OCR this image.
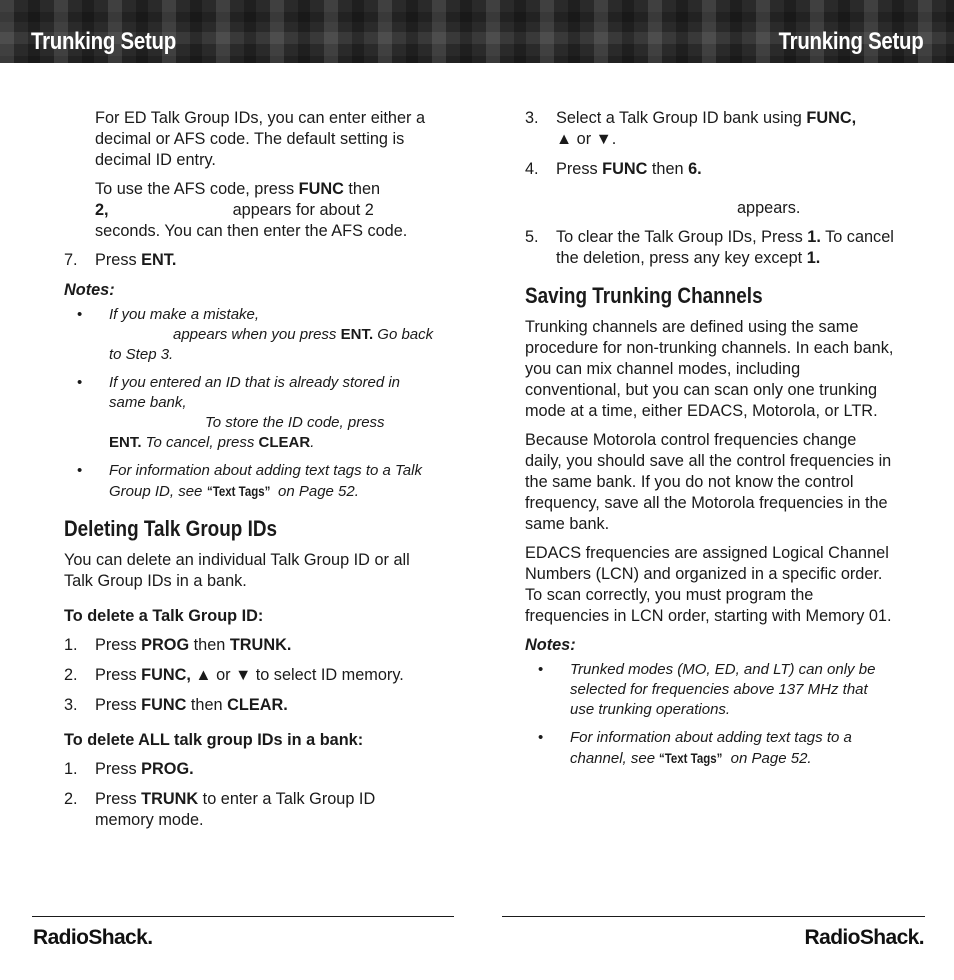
Trunking Setup	Trunking Setup

For ED Talk Group IDs, you can enter either a decimal or AFS code. The default setting is decimal ID entry.

To use the AFS code, press FUNC then
2,	appears for about 2 seconds. You can then enter the AFS code.

7. Press ENT.
Notes:
• If you make a mistake,
appears when you press ENT. Go back to Step 3.
• If you entered an ID that is already stored in same bank,
To store the ID code, press
ENT. To cancel, press CLEAR.
• For information about adding text tags to a Talk Group ID, see “Text Tags” on Page 52.
Deleting Talk Group IDs

You can delete an individual Talk Group ID or all Talk Group IDs in a bank.

To delete a Talk Group ID:
1. Press PROG then TRUNK.
2. Press FUNC, ▲ or ▼ to select ID memory.
3. Press FUNC then CLEAR.
To delete ALL talk group IDs in a bank:
1. Press PROG.
2. Press TRUNK to enter a Talk Group ID memory mode.
3. Select a Talk Group ID bank using FUNC,
▲ or ▼.
4. Press FUNC then 6.

appears.

5. To clear the Talk Group IDs, Press 1. To cancel the deletion, press any key except 1.
Saving Trunking Channels

Trunking channels are defined using the same procedure for non-trunking channels. In each bank, you can mix channel modes, including conventional, but you can scan only one trunking mode at a time, either EDACS, Motorola, or LTR.

Because Motorola control frequencies change daily, you should save all the control frequencies in the same bank. If you do not know the control frequency, save all the Motorola frequencies in the same bank.

EDACS frequencies are assigned Logical Channel Numbers (LCN) and organized in a specific order. To scan correctly, you must program the frequencies in LCN order, starting with Memory 01.

Notes:
• Trunked modes (MO, ED, and LT) can only be selected for frequencies above 137 MHz that use trunking operations.
• For information about adding text tags to a channel, see “Text Tags” on Page 52.
RadioShack.	RadioShack.
